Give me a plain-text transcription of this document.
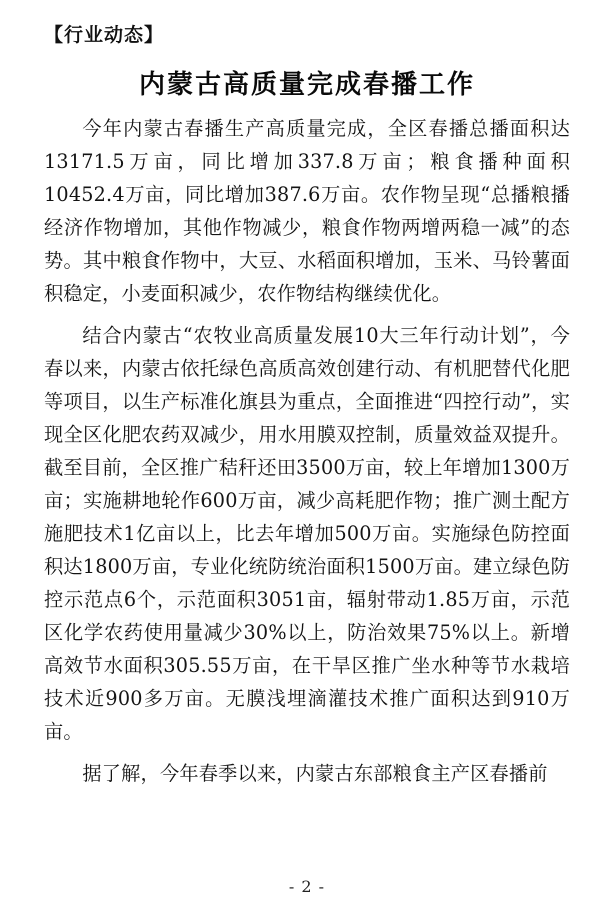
【行业动态】
内蒙古高质量完成春播工作

今年内蒙古春播生产高质量完成，全区春播总播面积达13171.5万亩，同比增加337.8万亩；粮食播种面积10452.4万亩，同比增加387.6万亩。农作物呈现“总播粮播经济作物增加，其他作物减少，粮食作物两增两稳一减”的态势。其中粮食作物中，大豆、水稻面积增加，玉米、马铃薯面积稳定，小麦面积减少，农作物结构继续优化。

结合内蒙古“农牧业高质量发展10大三年行动计划”，今春以来，内蒙古依托绿色高质高效创建行动、有机肥替代化肥等项目，以生产标准化旗县为重点，全面推进“四控行动”，实现全区化肥农药双减少，用水用膜双控制，质量效益双提升。截至目前，全区推广秸秆还田3500万亩，较上年增加1300万亩；实施耕地轮作600万亩，减少高耗肥作物；推广测土配方施肥技术1亿亩以上，比去年增加500万亩。实施绿色防控面积达1800万亩，专业化统防统治面积1500万亩。建立绿色防控示范点6个，示范面积3051亩，辐射带动1.85万亩，示范区化学农药使用量减少30%以上，防治效果75%以上。新增高效节水面积305.55万亩，在干旱区推广坐水种等节水栽培技术近900多万亩。无膜浅埋滴灌技术推广面积达到910万亩。

据了解，今年春季以来，内蒙古东部粮食主产区春播前

- 2 -
